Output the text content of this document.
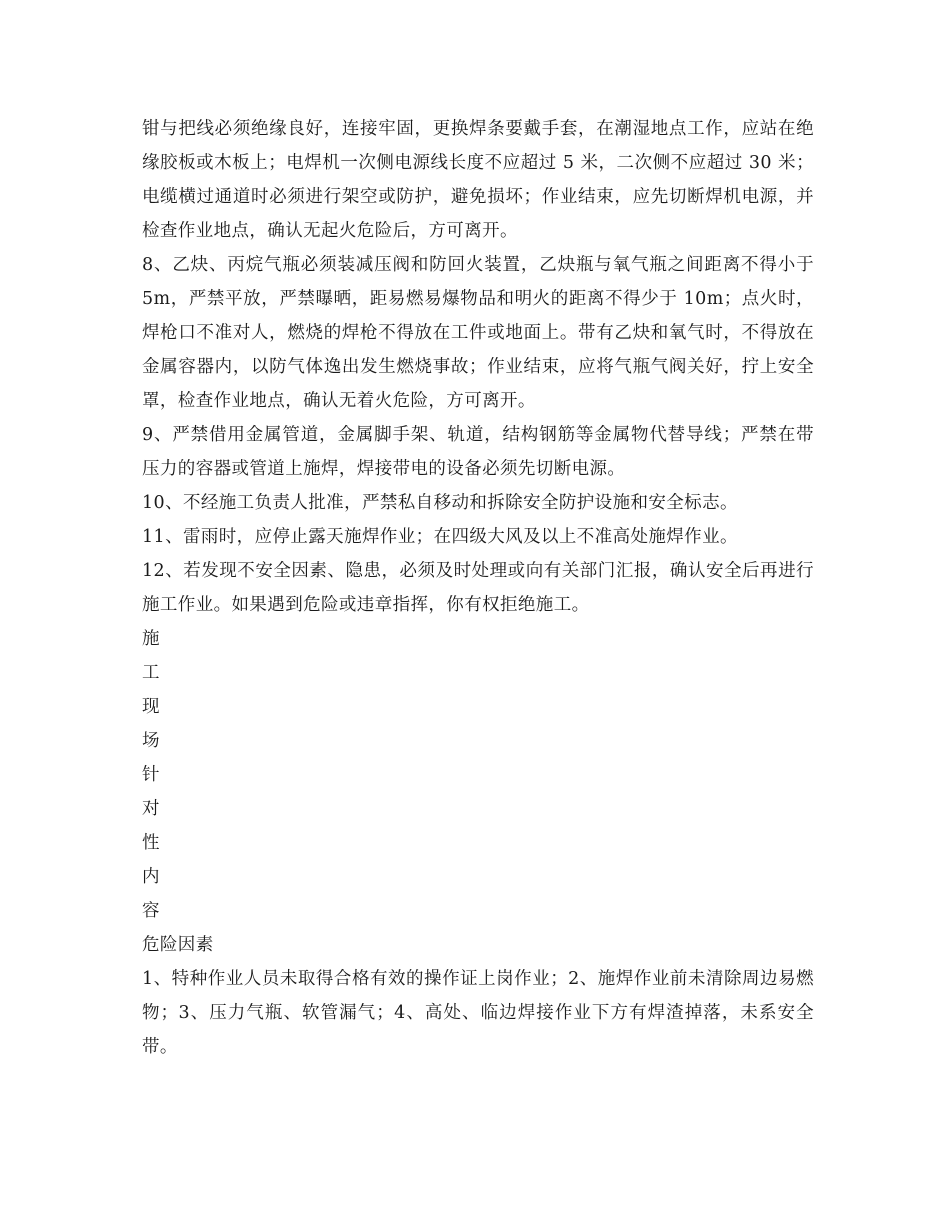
钳与把线必须绝缘良好，连接牢固，更换焊条要戴手套，在潮湿地点工作，应站在绝缘胶板或木板上；电焊机一次侧电源线长度不应超过 5 米，二次侧不应超过 30 米；电缆横过通道时必须进行架空或防护，避免损坏；作业结束，应先切断焊机电源，并检查作业地点，确认无起火危险后，方可离开。

8、乙炔、丙烷气瓶必须装减压阀和防回火装置，乙炔瓶与氧气瓶之间距离不得小于 5m，严禁平放，严禁曝晒，距易燃易爆物品和明火的距离不得少于 10m；点火时，焊枪口不准对人，燃烧的焊枪不得放在工件或地面上。带有乙炔和氧气时，不得放在金属容器内，以防气体逸出发生燃烧事故；作业结束，应将气瓶气阀关好，拧上安全罩，检查作业地点，确认无着火危险，方可离开。

9、严禁借用金属管道，金属脚手架、轨道，结构钢筋等金属物代替导线；严禁在带压力的容器或管道上施焊，焊接带电的设备必须先切断电源。

10、不经施工负责人批准，严禁私自移动和拆除安全防护设施和安全标志。

11、雷雨时，应停止露天施焊作业；在四级大风及以上不准高处施焊作业。

12、若发现不安全因素、隐患，必须及时处理或向有关部门汇报，确认安全后再进行施工作业。如果遇到危险或违章指挥，你有权拒绝施工。

施
工
现
场
针
对
性
内
容

危险因素

1、特种作业人员未取得合格有效的操作证上岗作业；2、施焊作业前未清除周边易燃物；3、压力气瓶、软管漏气；4、高处、临边焊接作业下方有焊渣掉落，未系安全带。
